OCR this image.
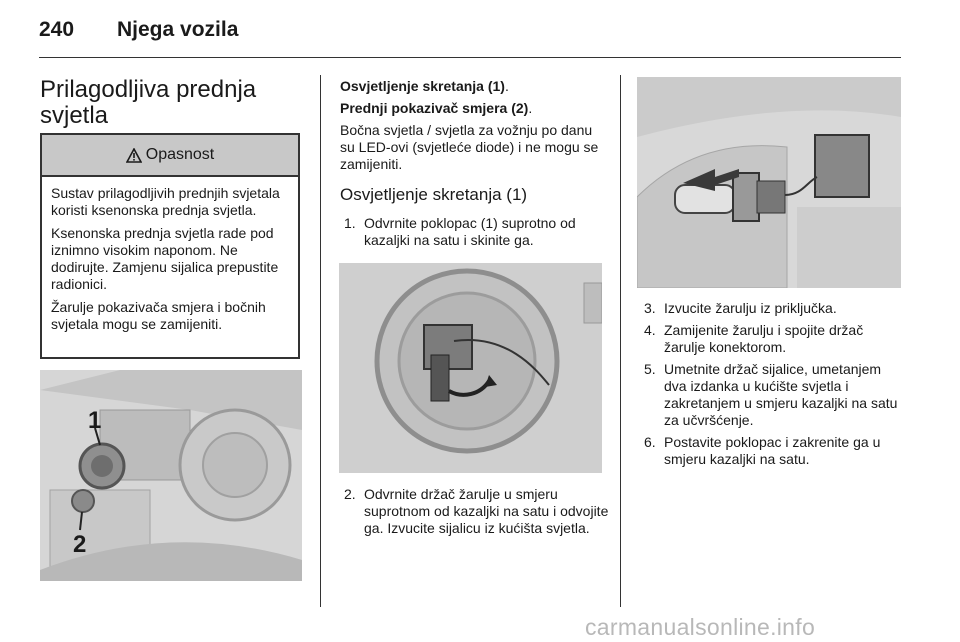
240 Njega vozila
Prilagodljiva prednja svjetla
Opasnost

Sustav prilagodljivih prednjih svjetala koristi ksenonska prednja svjetla.

Ksenonska prednja svjetla rade pod iznimno visokim naponom. Ne dodirujte. Zamjenu sijalica prepustite radionici.

Žarulje pokazivača smjera i bočnih svjetala mogu se zamijeniti.

1
2

Osvjetljenje skretanja (1).

Prednji pokazivač smjera (2).

Bočna svjetla / svjetla za vožnju po danu su LED-ovi (svjetleće diode) i ne mogu se zamijeniti.

Osvjetljenje skretanja (1)
1. Odvrnite poklopac (1) suprotno od kazaljki na satu i skinite ga.
2. Odvrnite držač žarulje u smjeru suprotnom od kazaljki na satu i odvojite ga. Izvucite sijalicu iz kućišta svjetla.
3. Izvucite žarulju iz priključka.
4. Zamijenite žarulju i spojite držač žarulje konektorom.
5. Umetnite držač sijalice, umetanjem dva izdanka u kućište svjetla i zakretanjem u smjeru kazaljki na satu za učvršćenje.
6. Postavite poklopac i zakrenite ga u smjeru kazaljki na satu.
carmanualsonline.info
